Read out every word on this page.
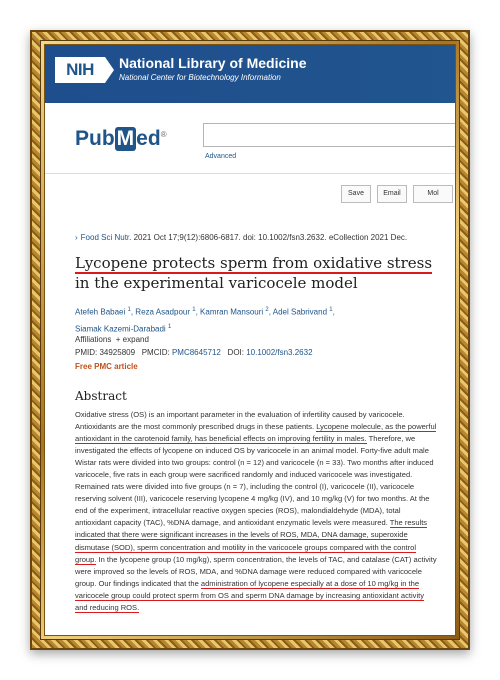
NIH	National Library of Medicine
National Center for Biotechnology Information
PubMed®
Advanced
Save	Email	Mol
› Food Sci Nutr. 2021 Oct 17;9(12):6806-6817. doi: 10.1002/fsn3.2632. eCollection 2021 Dec.
Lycopene protects sperm from oxidative stress in the experimental varicocele model
Atefeh Babaei $^1$, Reza Asadpour $^1$, Kamran Mansouri $^2$, Adel Sabrivand $^1$,
Siamak Kazemi-Darabadi $^1$
Affiliations + expand
PMID: 34925809 PMCID: PMC8645712 DOI: 10.1002/fsn3.2632
Free PMC article
Abstract
Oxidative stress (OS) is an important parameter in the evaluation of infertility caused by varicocele. Antioxidants are the most commonly prescribed drugs in these patients. Lycopene molecule, as the powerful antioxidant in the carotenoid family, has beneficial effects on improving fertility in males. Therefore, we investigated the effects of lycopene on induced OS by varicocele in an animal model. Forty-five adult male Wistar rats were divided into two groups: control (n = 12) and varicocele (n = 33). Two months after induced varicocele, five rats in each group were sacrificed randomly and induced varicocele was investigated. Remained rats were divided into five groups (n = 7), including the control (I), varicocele (II), varicocele reserving solvent (III), varicocele reserving lycopene 4 mg/kg (IV), and 10 mg/kg (V) for two months. At the end of the experiment, intracellular reactive oxygen species (ROS), malondialdehyde (MDA), total antioxidant capacity (TAC), %DNA damage, and antioxidant enzymatic levels were measured. The results indicated that there were significant increases in the levels of ROS, MDA, DNA damage, superoxide dismutase (SOD), sperm concentration and motility in the varicocele groups compared with the control group. In the lycopene group (10 mg/kg), sperm concentration, the levels of TAC, and catalase (CAT) activity were improved so the levels of ROS, MDA, and %DNA damage were reduced compared with varicocele group. Our findings indicated that the administration of lycopene especially at a dose of 10 mg/kg in the varicocele group could protect sperm from OS and sperm DNA damage by increasing antioxidant activity and reducing ROS.
